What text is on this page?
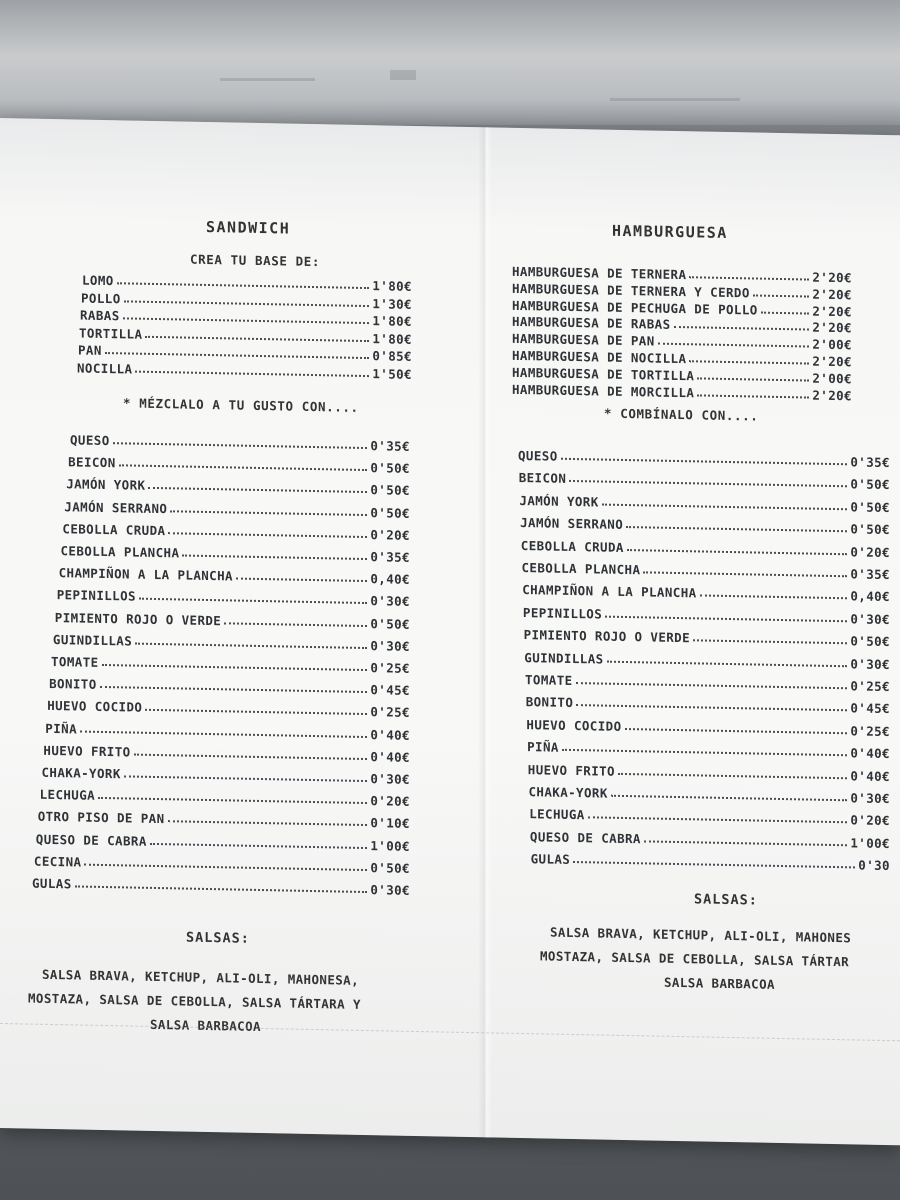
SANDWICH
CREA TU BASE DE:
LOMO	1'80€
POLLO	1'30€
RABAS	1'80€
TORTILLA	1'80€
PAN	0'85€
NOCILLA	1'50€
* MÉZCLALO A TU GUSTO CON....
QUESO	0'35€
BEICON	0'50€
JAMÓN YORK	0'50€
JAMÓN SERRANO	0'50€
CEBOLLA CRUDA	0'20€
CEBOLLA PLANCHA	0'35€
CHAMPIÑON A LA PLANCHA	0,40€
PEPINILLOS	0'30€
PIMIENTO ROJO O VERDE	0'50€
GUINDILLAS	0'30€
TOMATE	0'25€
BONITO	0'45€
HUEVO COCIDO	0'25€
PIÑA	0'40€
HUEVO FRITO	0'40€
CHAKA-YORK	0'30€
LECHUGA	0'20€
OTRO PISO DE PAN	0'10€
QUESO DE CABRA	1'00€
CECINA	0'50€
GULAS	0'30€
SALSAS:
SALSA BRAVA, KETCHUP, ALI-OLI, MAHONESA,
MOSTAZA, SALSA DE CEBOLLA, SALSA TÁRTARA Y
SALSA BARBACOA
HAMBURGUESA
HAMBURGUESA DE TERNERA	2'20€
HAMBURGUESA DE TERNERA Y CERDO	2'20€
HAMBURGUESA DE PECHUGA DE POLLO	2'20€
HAMBURGUESA DE RABAS	2'20€
HAMBURGUESA DE PAN	2'00€
HAMBURGUESA DE NOCILLA	2'20€
HAMBURGUESA DE TORTILLA	2'00€
HAMBURGUESA DE MORCILLA	2'20€
* COMBÍNALO CON....
QUESO	0'35€
BEICON	0'50€
JAMÓN YORK	0'50€
JAMÓN SERRANO	0'50€
CEBOLLA CRUDA	0'20€
CEBOLLA PLANCHA	0'35€
CHAMPIÑON A LA PLANCHA	0,40€
PEPINILLOS	0'30€
PIMIENTO ROJO O VERDE	0'50€
GUINDILLAS	0'30€
TOMATE	0'25€
BONITO	0'45€
HUEVO COCIDO	0'25€
PIÑA	0'40€
HUEVO FRITO	0'40€
CHAKA-YORK	0'30€
LECHUGA	0'20€
QUESO DE CABRA	1'00€
GULAS	0'30
SALSAS:
SALSA BRAVA, KETCHUP, ALI-OLI, MAHONES
MOSTAZA, SALSA DE CEBOLLA, SALSA TÁRTAR
SALSA BARBACOA
